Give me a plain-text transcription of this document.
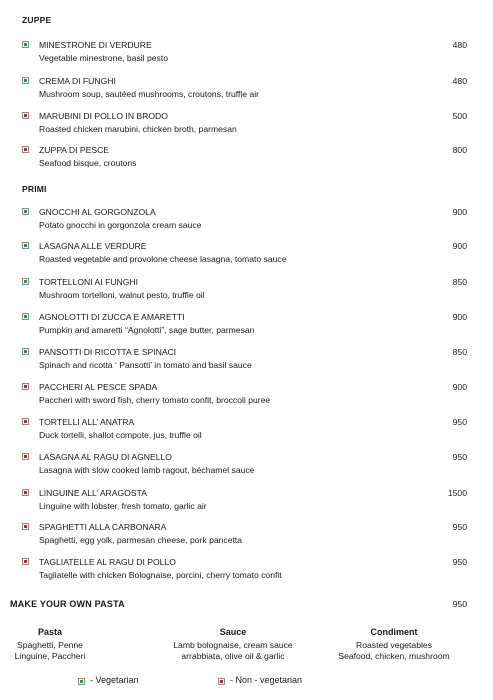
ZUPPE
MINESTRONE DI VERDURE
Vegetable minestrone, basil pesto
480
CREMA DI FUNGHI
Mushroom soup, sautéed mushrooms, croutons, truffle air
480
MARUBINI DI POLLO IN BRODO
Roasted chicken marubini, chicken broth, parmesan
500
ZUPPA DI PESCE
Seafood bisque, croutons
800
PRIMI
GNOCCHI AL GORGONZOLA
Potato gnocchi in gorgonzola cream sauce
900
LASAGNA ALLE VERDURE
Roasted vegetable and provolone cheese lasagna, tomato sauce
900
TORTELLONI AI FUNGHI
Mushroom tortelloni, walnut pesto, truffle oil
850
AGNOLOTTI DI ZUCCA E AMARETTI
Pumpkin and amaretti “Agnolotti”, sage butter, parmesan
900
PANSOTTI DI RICOTTA E SPINACI
Spinach and ricotta ‘ Pansotti’ in tomato and basil sauce
850
PACCHERI AL PESCE SPADA
Paccheri with sword fish, cherry tomato confit, broccoli puree
900
TORTELLI ALL’ ANATRA
Duck tortelli, shallot compote, jus, truffle oil
950
LASAGNA AL RAGU DI AGNELLO
Lasagna with slow cooked lamb ragout, béchamel sauce
950
LINGUINE ALL’ ARAGOSTA
Linguine with lobster, fresh tomato, garlic air
1500
SPAGHETTI ALLA CARBONARA
Spaghetti, egg yolk, parmesan cheese, pork pancetta
950
TAGLIATELLE AL RAGU DI POLLO
Tagliatelle with chicken Bolognaise, porcini, cherry tomato confit
950
MAKE YOUR OWN PASTA	950
Pasta
Spaghetti, Penne
Linguine, Paccheri
Sauce
Lamb bolognaise, cream sauce
arrabbiata, olive oil & garlic
Condiment
Roasted vegetables
Seafood, chicken, mushroom
- Vegetarian	- Non - vegetarian
